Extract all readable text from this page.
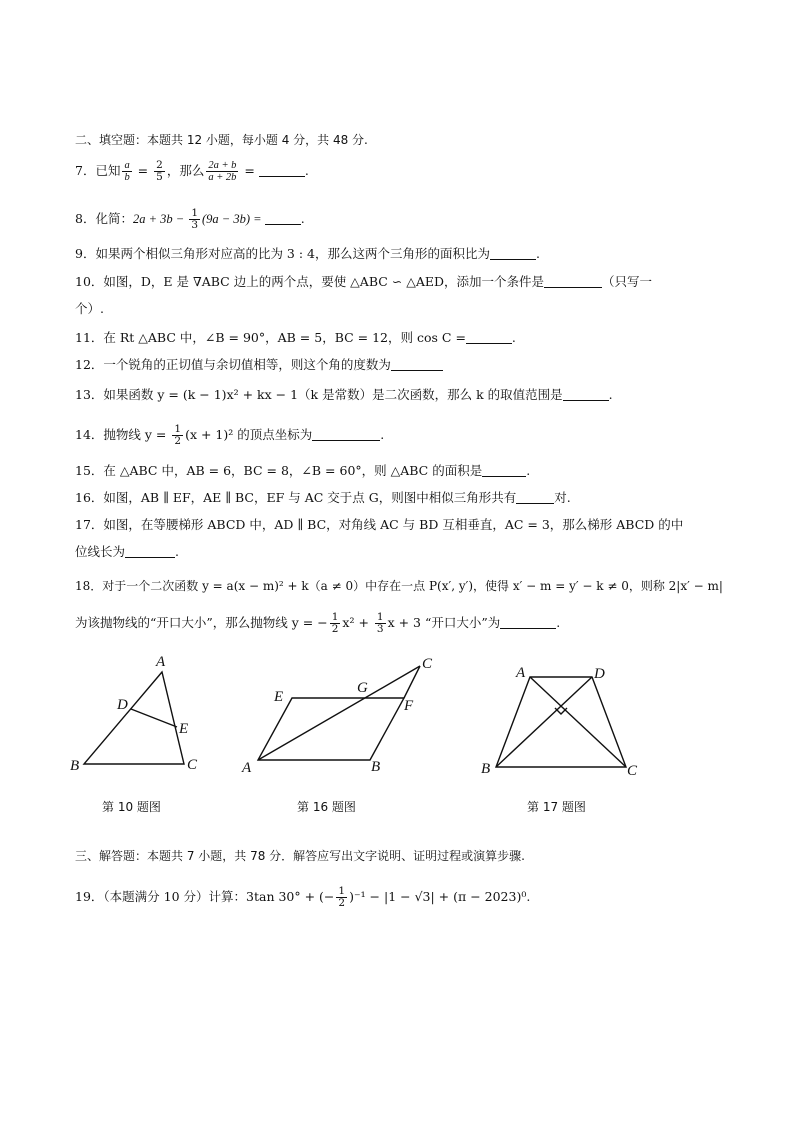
二、填空题：本题共 12 小题，每小题 4 分，共 48 分.
7．已知 $\frac{a}{b} = \frac{2}{5}$ ，那么 $\frac{2a + b}{a + 2b}$ =	.
8．化简：$2a + 3b - \frac{1}{3} (9a - 3b)$ =	.
9．如果两个相似三角形对应高的比为 3 : 4，那么这两个三角形的面积比为	.
10．如图，D，E 是 ∇ABC 边上的两个点，要使 △ABC ∽ △AED，添加一个条件是	（只写一
个）.
11．在 Rt △ABC 中，∠B = 90°，AB = 5，BC = 12，则 cos C =	.
12．一个锐角的正切值与余切值相等，则这个角的度数为
13．如果函数 y = (k − 1)x² + kx − 1（k 是常数）是二次函数，那么 k 的取值范围是	.
14．抛物线 $y = \frac{1}{2} (x + 1)^2$ 的顶点坐标为	.
15．在 △ABC 中，AB = 6，BC = 8，∠B = 60°，则 △ABC 的面积是	.
16．如图，AB ∥ EF，AE ∥ BC，EF 与 AC 交于点 G，则图中相似三角形共有	对.
17．如图，在等腰梯形 ABCD 中，AD ∥ BC，对角线 AC 与 BD 互相垂直，AC = 3，那么梯形 ABCD 的中
位线长为	.
18．对于一个二次函数 y = a(x − m)² + k（a ≠ 0）中存在一点 P(x′, y′)，使得 x′ − m = y′ − k ≠ 0，则称 2|x′ − m|
为该抛物线的“开口大小”，那么抛物线 y = − $\frac{1}{2} x^2 + \frac{1}{3}$ x + 3 “开口大小”为	.
A
B	C
D
E
A	B
C
E
F
G
A
B	C
D
第 10 题图	第 16 题图	第 17 题图
三、解答题：本题共 7 小题，共 78 分．解答应写出文字说明、证明过程或演算步骤.
19．（本题满分 10 分）计算：3tan 30° + (− $\frac{1}{2} )^{-1} - |1 - √3| + (\pi - 2023)^0$.
